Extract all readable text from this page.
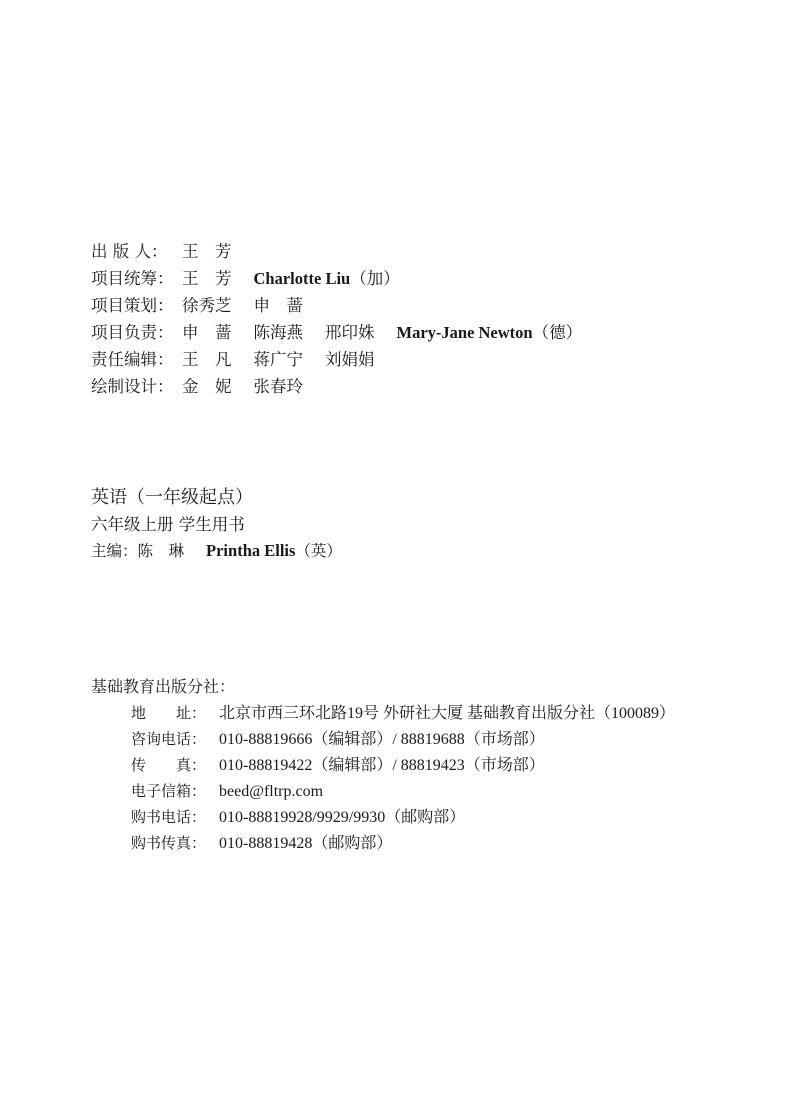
出 版 人： 王　芳
项目统筹： 王　芳 Charlotte Liu（加）
项目策划： 徐秀芝 申　蔷
项目负责： 申　蔷 陈海燕 邢印姝 Mary-Jane Newton（德）
责任编辑： 王　凡 蒋广宁 刘娟娟
绘制设计： 金　妮 张春玲
英语（一年级起点）
六年级上册 学生用书
主编：陈　琳 Printha Ellis（英）
基础教育出版分社：
地　　址： 北京市西三环北路19号 外研社大厦 基础教育出版分社（100089）
咨询电话： 010-88819666（编辑部）/ 88819688（市场部）
传　　真： 010-88819422（编辑部）/ 88819423（市场部）
电子信箱： beed@fltrp.com
购书电话： 010-88819928/9929/9930（邮购部）
购书传真： 010-88819428（邮购部）
